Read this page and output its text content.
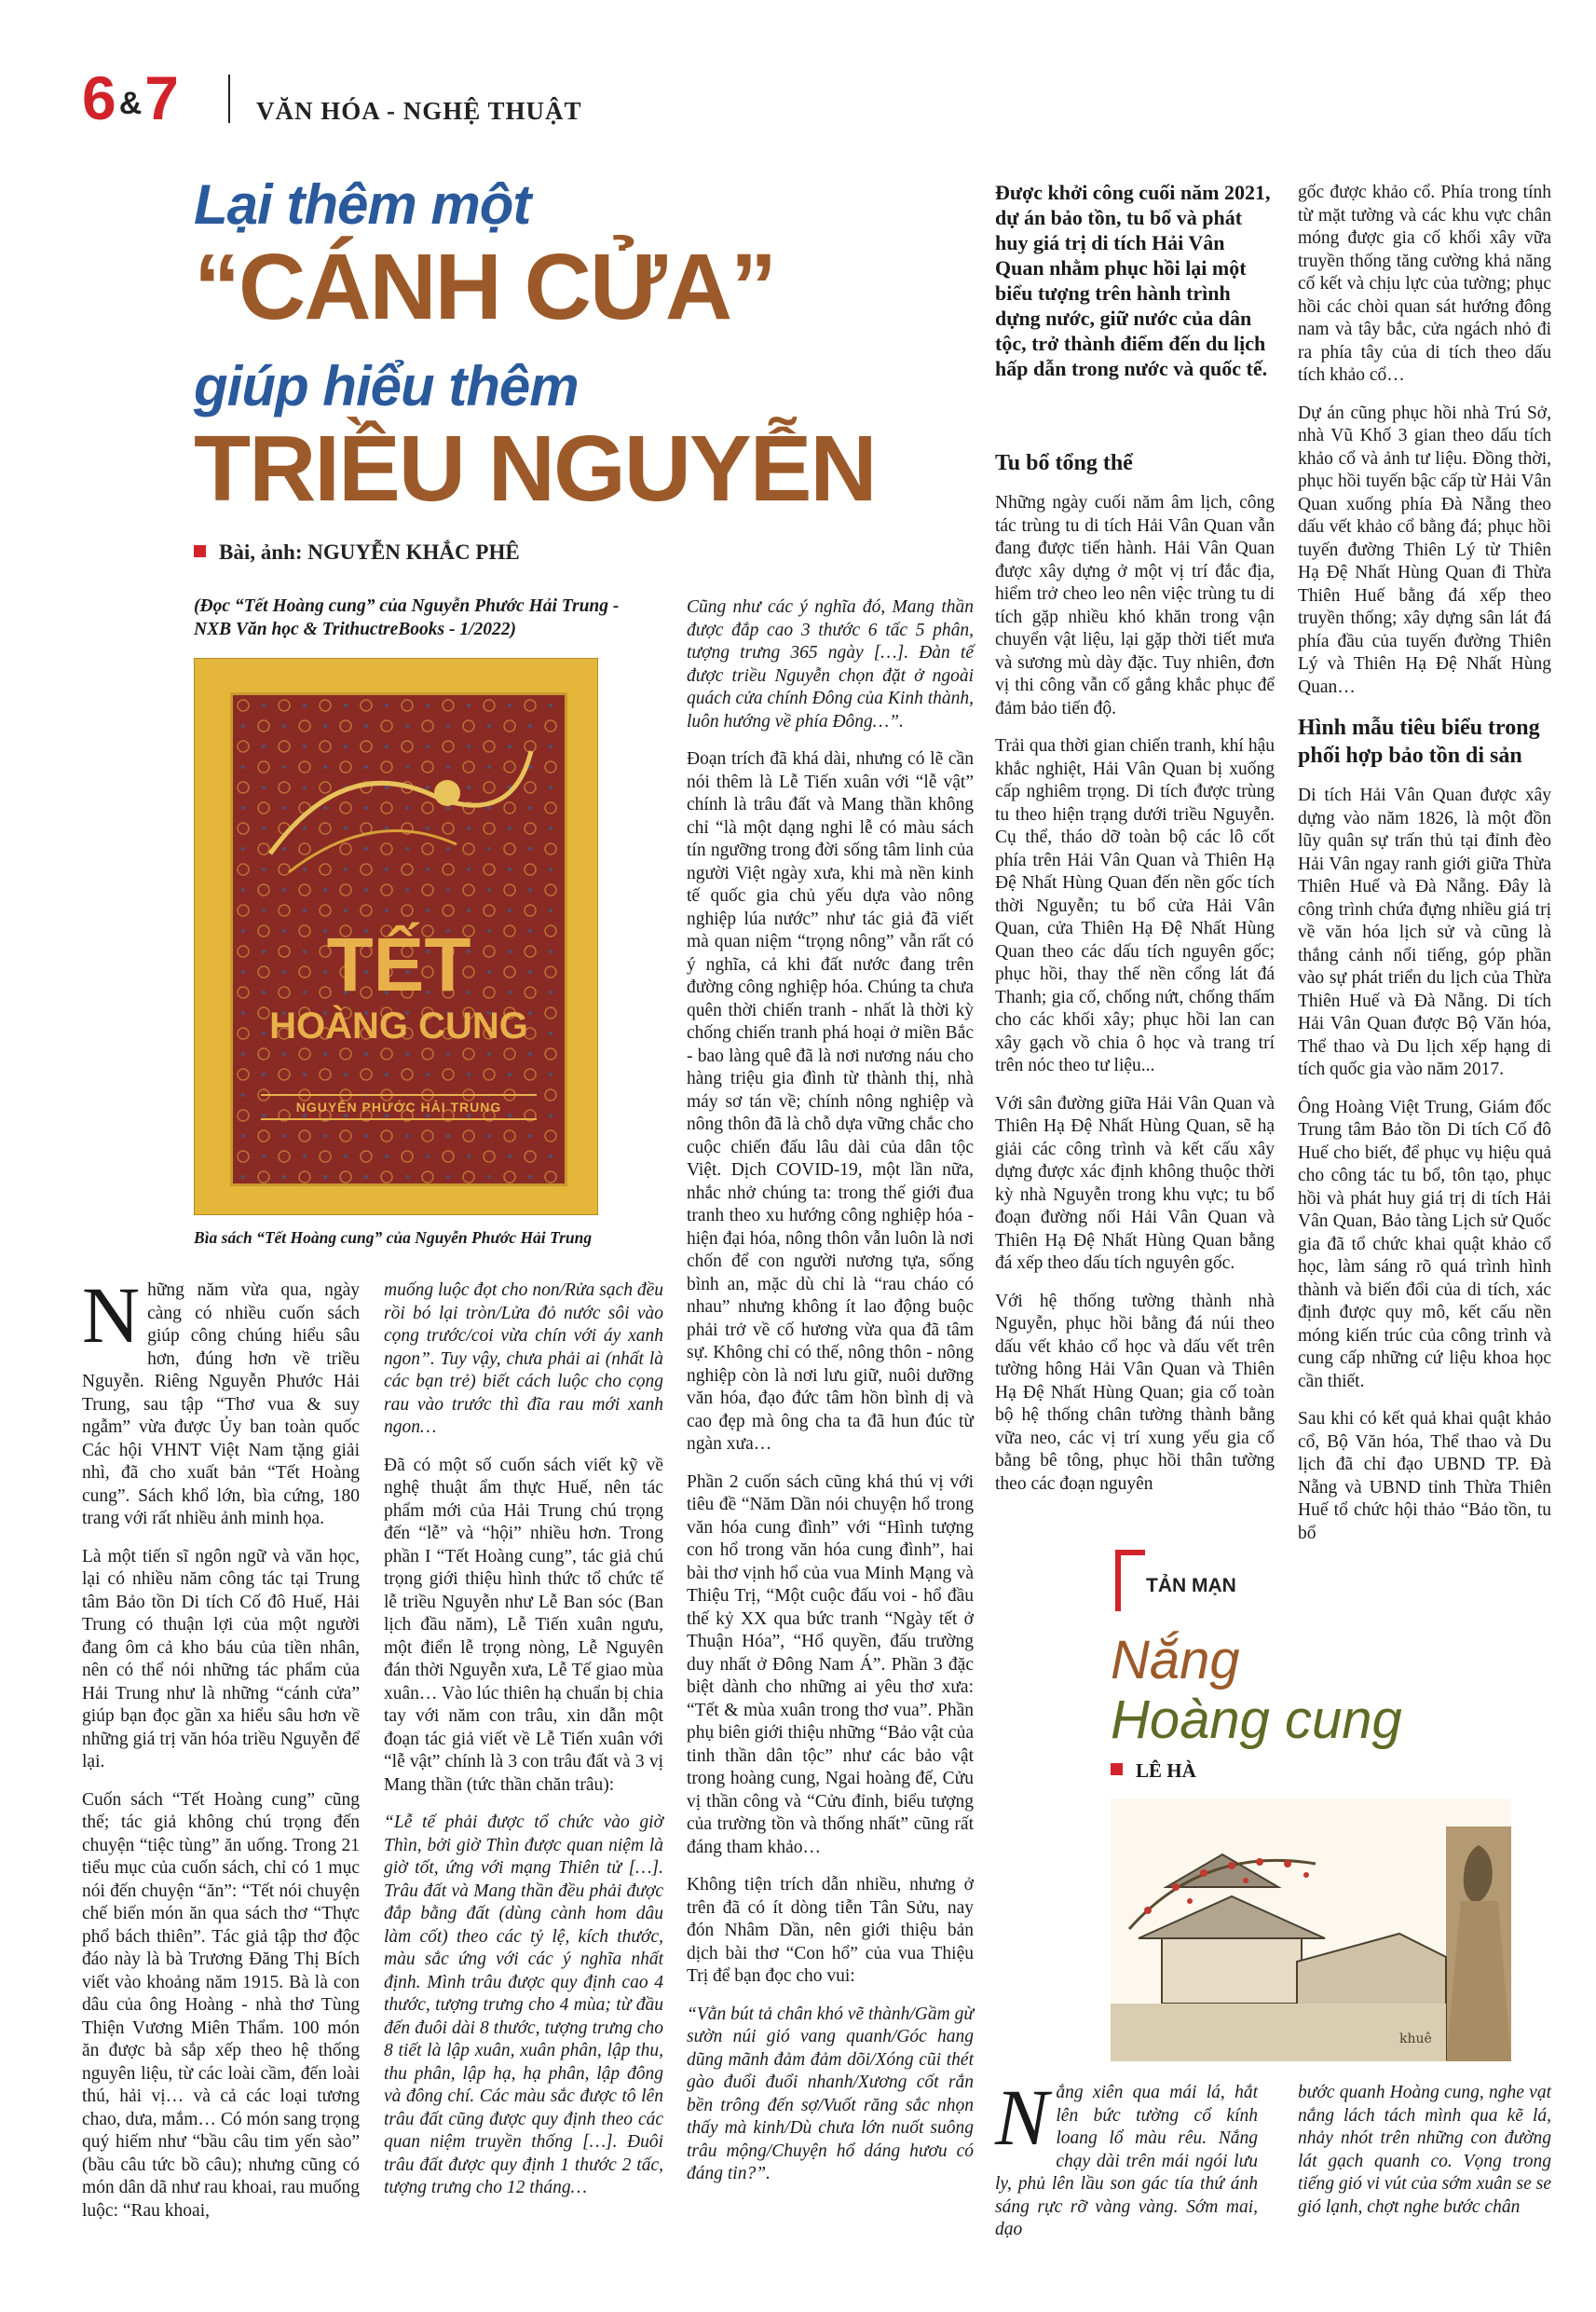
6&7	VĂN HÓA - NGHỆ THUẬT
Lại thêm một
“CÁNH CỬA”
giúp hiểu thêm
TRIỀU NGUYỄN
Bài, ảnh: NGUYỄN KHẮC PHÊ
(Đọc “Tết Hoàng cung” của Nguyễn Phước Hải Trung - NXB Văn học & TrithuctreBooks - 1/2022)
TẾT
HOÀNG CUNG
NGUYỄN PHƯỚC HẢI TRUNG
Bìa sách “Tết Hoàng cung” của Nguyễn Phước Hải Trung

Những năm vừa qua, ngày càng có nhiều cuốn sách giúp công chúng hiểu sâu hơn, đúng hơn về triều Nguyễn. Riêng Nguyễn Phước Hải Trung, sau tập “Thơ vua & suy ngẫm” vừa được Ủy ban toàn quốc Các hội VHNT Việt Nam tặng giải nhì, đã cho xuất bản “Tết Hoàng cung”. Sách khổ lớn, bìa cứng, 180 trang với rất nhiều ảnh minh họa.

Là một tiến sĩ ngôn ngữ và văn học, lại có nhiều năm công tác tại Trung tâm Bảo tồn Di tích Cố đô Huế, Hải Trung có thuận lợi của một người đang ôm cả kho báu của tiền nhân, nên có thể nói những tác phẩm của Hải Trung như là những “cánh cửa” giúp bạn đọc gần xa hiểu sâu hơn về những giá trị văn hóa triều Nguyễn để lại.

Cuốn sách “Tết Hoàng cung” cũng thế; tác giả không chú trọng đến chuyện “tiệc tùng” ăn uống. Trong 21 tiểu mục của cuốn sách, chỉ có 1 mục nói đến chuyện “ăn”: “Tết nói chuyện chế biến món ăn qua sách thơ “Thực phổ bách thiên”. Tác giả tập thơ độc đáo này là bà Trương Đăng Thị Bích viết vào khoảng năm 1915. Bà là con dâu của ông Hoàng - nhà thơ Tùng Thiện Vương Miên Thẩm. 100 món ăn được bà sắp xếp theo hệ thống nguyên liệu, từ các loài cầm, đến loài thú, hải vị… và cả các loại tương chao, dưa, mắm… Có món sang trọng quý hiếm như “bầu câu tim yến sào” (bầu câu tức bồ câu); nhưng cũng có món dân dã như rau khoai, rau muống luộc: “Rau khoai,

muống luộc đọt cho non/Rửa sạch đều rồi bó lại tròn/Lửa đỏ nước sôi vào cọng trước/coi vừa chín với áy xanh ngon”. Tuy vậy, chưa phải ai (nhất là các bạn trẻ) biết cách luộc cho cọng rau vào trước thì đĩa rau mới xanh ngon…

Đã có một số cuốn sách viết kỹ về nghệ thuật ẩm thực Huế, nên tác phẩm mới của Hải Trung chú trọng đến “lễ” và “hội” nhiều hơn. Trong phần I “Tết Hoàng cung”, tác giả chú trọng giới thiệu hình thức tổ chức tế lễ triều Nguyễn như Lễ Ban sóc (Ban lịch đầu năm), Lễ Tiến xuân ngưu, một điển lễ trọng nòng, Lễ Nguyên đán thời Nguyễn xưa, Lễ Tế giao mùa xuân… Vào lúc thiên hạ chuẩn bị chia tay với năm con trâu, xin dẫn một đoạn tác giả viết về Lễ Tiến xuân với “lễ vật” chính là 3 con trâu đất và 3 vị Mang thần (tức thần chăn trâu):

“Lễ tế phải được tổ chức vào giờ Thìn, bởi giờ Thìn được quan niệm là giờ tốt, ứng với mạng Thiên tử […]. Trâu đất và Mang thần đều phải được đắp bằng đất (dùng cành hom dâu làm cốt) theo các tỷ lệ, kích thước, màu sắc ứng với các ý nghĩa nhất định. Mình trâu được quy định cao 4 thước, tượng trưng cho 4 mùa; từ đầu đến đuôi dài 8 thước, tượng trưng cho 8 tiết là lập xuân, xuân phân, lập thu, thu phân, lập hạ, hạ phân, lập đông và đông chí. Các màu sắc được tô lên trâu đất cũng được quy định theo các quan niệm truyền thống […]. Đuôi trâu đất được quy định 1 thước 2 tấc, tượng trưng cho 12 tháng…

Cũng như các ý nghĩa đó, Mang thần được đắp cao 3 thước 6 tấc 5 phân, tượng trưng 365 ngày […]. Đàn tế được triều Nguyễn chọn đặt ở ngoài quách cửa chính Đông của Kinh thành, luôn hướng về phía Đông…”.

Đoạn trích đã khá dài, nhưng có lẽ cần nói thêm là Lễ Tiến xuân với “lễ vật” chính là trâu đất và Mang thần không chỉ “là một dạng nghi lễ có màu sách tín ngưỡng trong đời sống tâm linh của người Việt ngày xưa, khi mà nền kinh tế quốc gia chủ yếu dựa vào nông nghiệp lúa nước” như tác giả đã viết mà quan niệm “trọng nông” vẫn rất có ý nghĩa, cả khi đất nước đang trên đường công nghiệp hóa. Chúng ta chưa quên thời chiến tranh - nhất là thời kỳ chống chiến tranh phá hoại ở miền Bắc - bao làng quê đã là nơi nương náu cho hàng triệu gia đình từ thành thị, nhà máy sơ tán về; chính nông nghiệp và nông thôn đã là chỗ dựa vững chắc cho cuộc chiến đấu lâu dài của dân tộc Việt. Dịch COVID-19, một lần nữa, nhắc nhở chúng ta: trong thế giới đua tranh theo xu hướng công nghiệp hóa - hiện đại hóa, nông thôn vẫn luôn là nơi chốn để con người nương tựa, sống bình an, mặc dù chỉ là “rau cháo có nhau” nhưng không ít lao động buộc phải trở về cố hương vừa qua đã tâm sự. Không chỉ có thế, nông thôn - nông nghiệp còn là nơi lưu giữ, nuôi dưỡng văn hóa, đạo đức tâm hồn bình dị và cao đẹp mà ông cha ta đã hun đúc từ ngàn xưa…

Phần 2 cuốn sách cũng khá thú vị với tiêu đề “Năm Dần nói chuyện hổ trong văn hóa cung đình” với “Hình tượng con hổ trong văn hóa cung đình”, hai bài thơ vịnh hổ của vua Minh Mạng và Thiệu Trị, “Một cuộc đấu voi - hổ đầu thế kỷ XX qua bức tranh “Ngày tết ở Thuận Hóa”, “Hổ quyền, đấu trường duy nhất ở Đông Nam Á”. Phần 3 đặc biệt dành cho những ai yêu thơ xưa: “Tết & mùa xuân trong thơ vua”. Phần phụ biên giới thiệu những “Bảo vật của tinh thần dân tộc” như các bảo vật trong hoàng cung, Ngai hoàng đế, Cửu vị thần công và “Cửu đỉnh, biểu tượng của trường tồn và thống nhất” cũng rất đáng tham khảo…

Không tiện trích dẫn nhiều, nhưng ở trên đã có ít dòng tiễn Tân Sửu, nay đón Nhâm Dần, nên giới thiệu bản dịch bài thơ “Con hổ” của vua Thiệu Trị để bạn đọc cho vui:

“Vằn bút tả chân khó vẽ thành/Gầm gừ sườn núi gió vang quanh/Góc hang dũng mãnh đảm đảm dõi/Xóng cũi thét gào đuổi đuổi nhanh/Xương cốt rắn bền trông đến sợ/Vuốt răng sắc nhọn thấy mà kinh/Dù chưa lớn nuốt suông trâu mộng/Chuyện hổ dáng hươu có đáng tin?”.

Được khởi công cuối năm 2021, dự án bảo tồn, tu bổ và phát huy giá trị di tích Hải Vân Quan nhằm phục hồi lại một biểu tượng trên hành trình dựng nước, giữ nước của dân tộc, trở thành điểm đến du lịch hấp dẫn trong nước và quốc tế.

Tu bổ tổng thể

Những ngày cuối năm âm lịch, công tác trùng tu di tích Hải Vân Quan vẫn đang được tiến hành. Hải Vân Quan được xây dựng ở một vị trí đắc địa, hiểm trở cheo leo nên việc trùng tu di tích gặp nhiều khó khăn trong vận chuyển vật liệu, lại gặp thời tiết mưa và sương mù dày đặc. Tuy nhiên, đơn vị thi công vẫn cố gắng khắc phục để đảm bảo tiến độ.

Trải qua thời gian chiến tranh, khí hậu khắc nghiệt, Hải Vân Quan bị xuống cấp nghiêm trọng. Di tích được trùng tu theo hiện trạng dưới triều Nguyễn. Cụ thể, tháo dỡ toàn bộ các lô cốt phía trên Hải Vân Quan và Thiên Hạ Đệ Nhất Hùng Quan đến nền gốc tích thời Nguyễn; tu bổ cửa Hải Vân Quan, cửa Thiên Hạ Đệ Nhất Hùng Quan theo các dấu tích nguyên gốc; phục hồi, thay thế nền cổng lát đá Thanh; gia cố, chống nứt, chống thấm cho các khối xây; phục hồi lan can xây gạch vồ chia ô học và trang trí trên nóc theo tư liệu...

Với sân đường giữa Hải Vân Quan và Thiên Hạ Đệ Nhất Hùng Quan, sẽ hạ giải các công trình và kết cấu xây dựng được xác định không thuộc thời kỳ nhà Nguyễn trong khu vực; tu bổ đoạn đường nối Hải Vân Quan và Thiên Hạ Đệ Nhất Hùng Quan bằng đá xếp theo dấu tích nguyên gốc.

Với hệ thống tường thành nhà Nguyễn, phục hồi bằng đá núi theo dấu vết khảo cổ học và dấu vết trên tường hông Hải Vân Quan và Thiên Hạ Đệ Nhất Hùng Quan; gia cố toàn bộ hệ thống chân tường thành bằng vữa neo, các vị trí xung yếu gia cố bằng bê tông, phục hồi thân tường theo các đoạn nguyên

gốc được khảo cổ. Phía trong tính từ mặt tường và các khu vực chân móng được gia cố khối xây vữa truyền thống tăng cường khả năng cố kết và chịu lực của tường; phục hồi các chòi quan sát hướng đông nam và tây bắc, cửa ngách nhỏ đi ra phía tây của di tích theo dấu tích khảo cổ…

Dự án cũng phục hồi nhà Trú Sở, nhà Vũ Khố 3 gian theo dấu tích khảo cổ và ảnh tư liệu. Đồng thời, phục hồi tuyến bậc cấp từ Hải Vân Quan xuống phía Đà Nẵng theo dấu vết khảo cổ bằng đá; phục hồi tuyến đường Thiên Lý từ Thiên Hạ Đệ Nhất Hùng Quan đi Thừa Thiên Huế bằng đá xếp theo truyền thống; xây dựng sân lát đá phía đầu của tuyến đường Thiên Lý và Thiên Hạ Đệ Nhất Hùng Quan…

Hình mẫu tiêu biểu trong phối hợp bảo tồn di sản

Di tích Hải Vân Quan được xây dựng vào năm 1826, là một đồn lũy quân sự trấn thủ tại đỉnh đèo Hải Vân ngay ranh giới giữa Thừa Thiên Huế và Đà Nẵng. Đây là công trình chứa đựng nhiều giá trị về văn hóa lịch sử và cũng là thắng cảnh nổi tiếng, góp phần vào sự phát triển du lịch của Thừa Thiên Huế và Đà Nẵng. Di tích Hải Vân Quan được Bộ Văn hóa, Thể thao và Du lịch xếp hạng di tích quốc gia vào năm 2017.

Ông Hoàng Việt Trung, Giám đốc Trung tâm Bảo tồn Di tích Cố đô Huế cho biết, để phục vụ hiệu quả cho công tác tu bổ, tôn tạo, phục hồi và phát huy giá trị di tích Hải Vân Quan, Bảo tàng Lịch sử Quốc gia đã tổ chức khai quật khảo cổ học, làm sáng rõ quá trình hình thành và biến đổi của di tích, xác định được quy mô, kết cấu nền móng kiến trúc của công trình và cung cấp những cứ liệu khoa học cần thiết.

Sau khi có kết quả khai quật khảo cổ, Bộ Văn hóa, Thể thao và Du lịch đã chỉ đạo UBND TP. Đà Nẵng và UBND tỉnh Thừa Thiên Huế tổ chức hội thảo “Bảo tồn, tu bổ

TẢN MẠN
Nắng
Hoàng cung
LÊ HÀ
khuê

Nắng xiên qua mái lá, hắt lên bức tường cổ kính loang lổ màu rêu. Nắng chạy dài trên mái ngói lưu ly, phủ lên lầu son gác tía thứ ánh sáng rực rỡ vàng vàng. Sớm mai, dạo

bước quanh Hoàng cung, nghe vạt nắng lách tách mình qua kẽ lá, nhảy nhót trên những con đường lát gạch quanh co. Vọng trong tiếng gió vi vút của sớm xuân se se gió lạnh, chợt nghe bước chân
